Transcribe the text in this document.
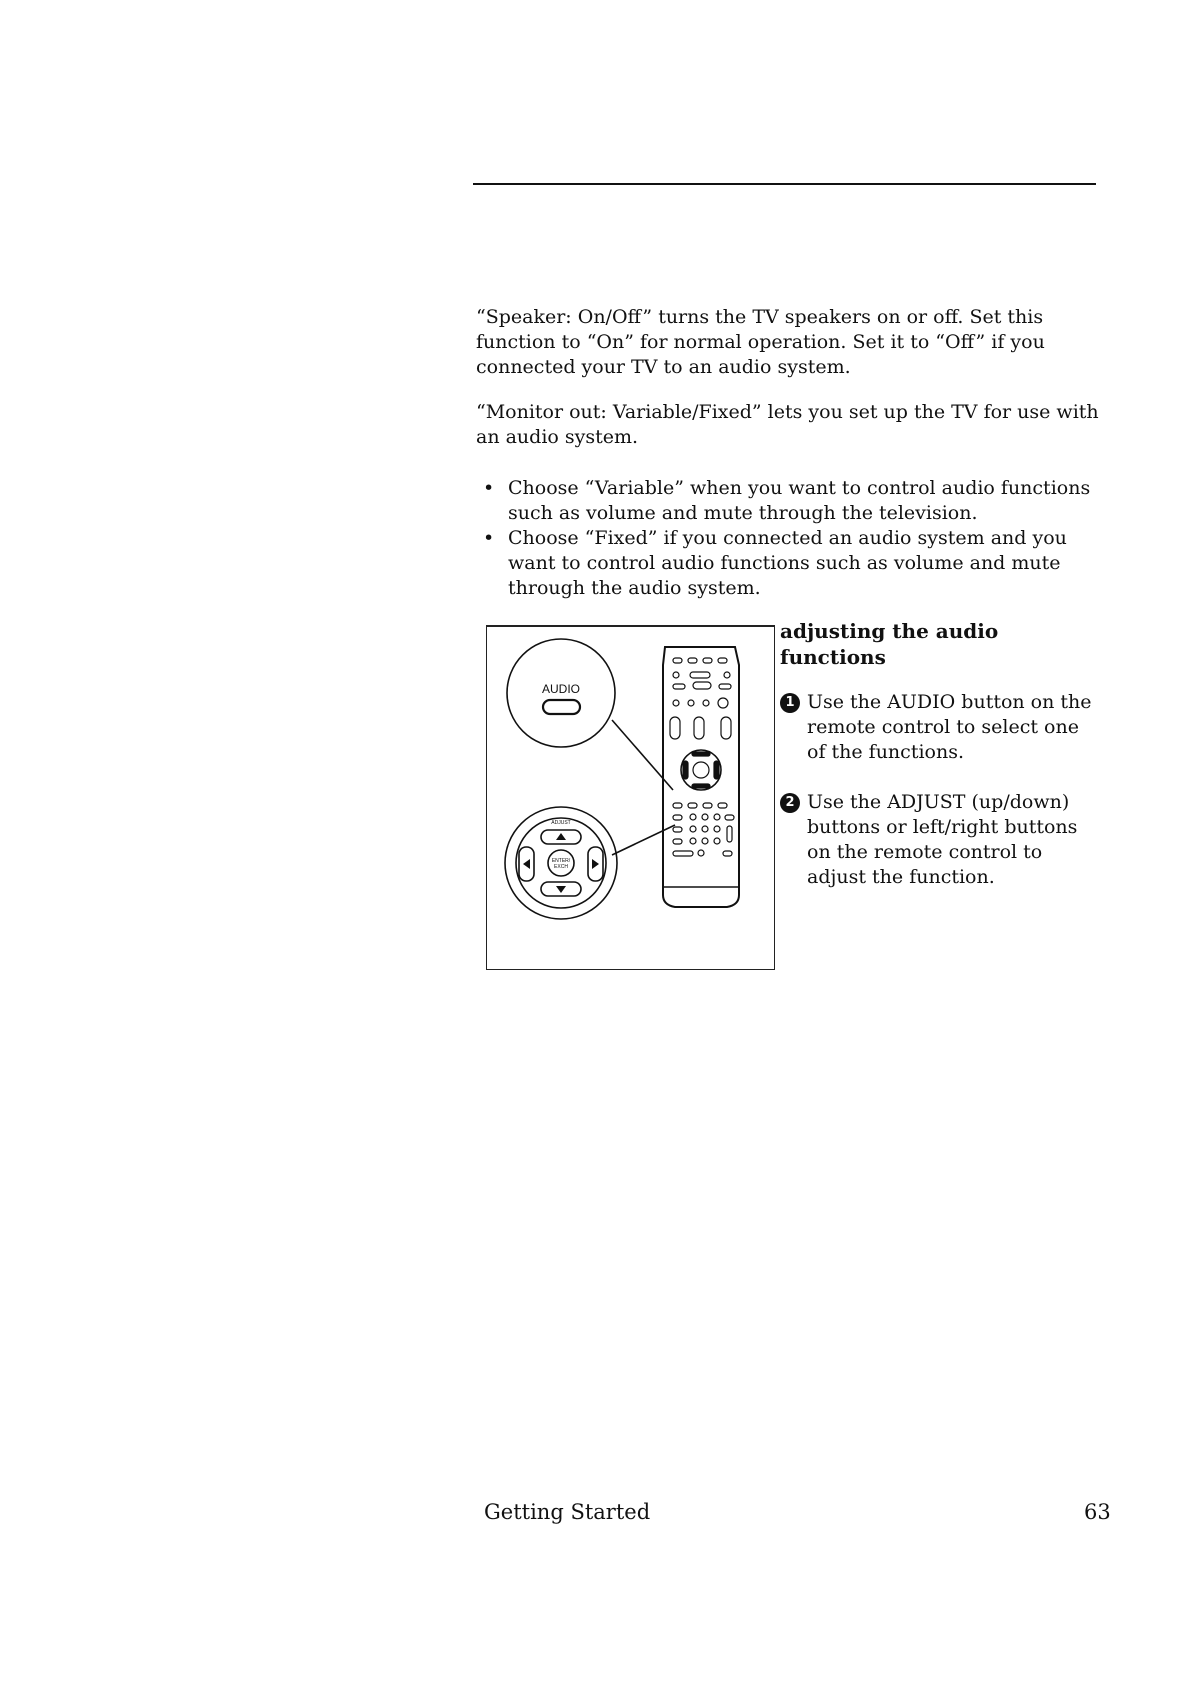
“Speaker: On/Off” turns the TV speakers on or off. Set this function to “On” for normal operation. Set it to “Off” if you connected your TV to an audio system.

“Monitor out: Variable/Fixed” lets you set up the TV for use with an audio system.

• Choose “Variable” when you want to control audio functions such as volume and mute through the television.
• Choose “Fixed” if you connected an audio system and you want to control audio functions such as volume and mute through the audio system.
AUDIO
ADJUST
ENTER/
EXCH
adjusting the audio functions
1 Use the AUDIO button on the remote control to select one of the functions.
2 Use the ADJUST (up/down) buttons or left/right buttons on the remote control to adjust the function.
Getting Started	63
